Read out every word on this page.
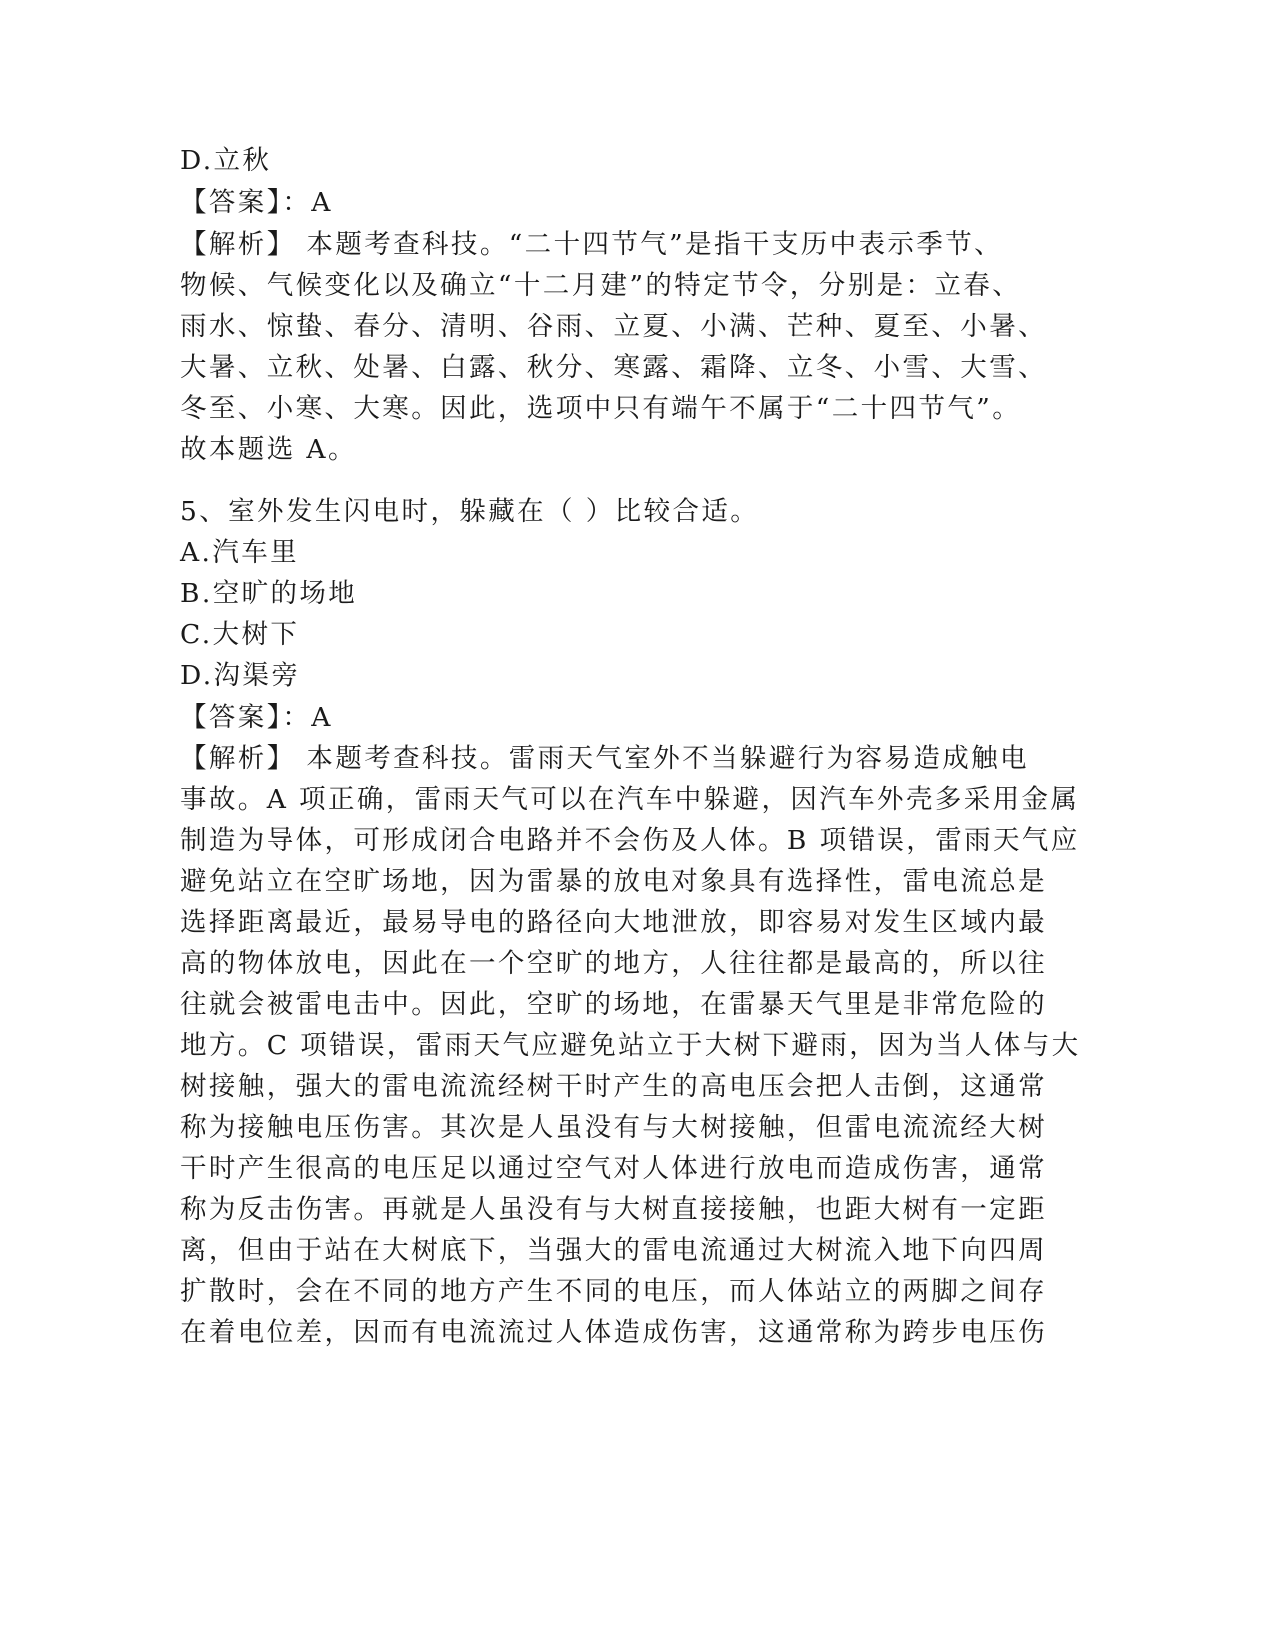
D.立秋
【答案】：A
【解析】 本题考查科技。“二十四节气”是指干支历中表示季节、
物候、气候变化以及确立“十二月建”的特定节令，分别是：立春、
雨水、惊蛰、春分、清明、谷雨、立夏、小满、芒种、夏至、小暑、
大暑、立秋、处暑、白露、秋分、寒露、霜降、立冬、小雪、大雪、
冬至、小寒、大寒。因此，选项中只有端午不属于“二十四节气”。
故本题选 A。
5、室外发生闪电时，躲藏在（ ）比较合适。
A.汽车里
B.空旷的场地
C.大树下
D.沟渠旁
【答案】：A
【解析】 本题考查科技。雷雨天气室外不当躲避行为容易造成触电
事故。A 项正确，雷雨天气可以在汽车中躲避，因汽车外壳多采用金属
制造为导体，可形成闭合电路并不会伤及人体。B 项错误，雷雨天气应
避免站立在空旷场地，因为雷暴的放电对象具有选择性，雷电流总是
选择距离最近，最易导电的路径向大地泄放，即容易对发生区域内最
高的物体放电，因此在一个空旷的地方，人往往都是最高的，所以往
往就会被雷电击中。因此，空旷的场地，在雷暴天气里是非常危险的
地方。C 项错误，雷雨天气应避免站立于大树下避雨，因为当人体与大
树接触，强大的雷电流流经树干时产生的高电压会把人击倒，这通常
称为接触电压伤害。其次是人虽没有与大树接触，但雷电流流经大树
干时产生很高的电压足以通过空气对人体进行放电而造成伤害，通常
称为反击伤害。再就是人虽没有与大树直接接触，也距大树有一定距
离，但由于站在大树底下，当强大的雷电流通过大树流入地下向四周
扩散时，会在不同的地方产生不同的电压，而人体站立的两脚之间存
在着电位差，因而有电流流过人体造成伤害，这通常称为跨步电压伤
